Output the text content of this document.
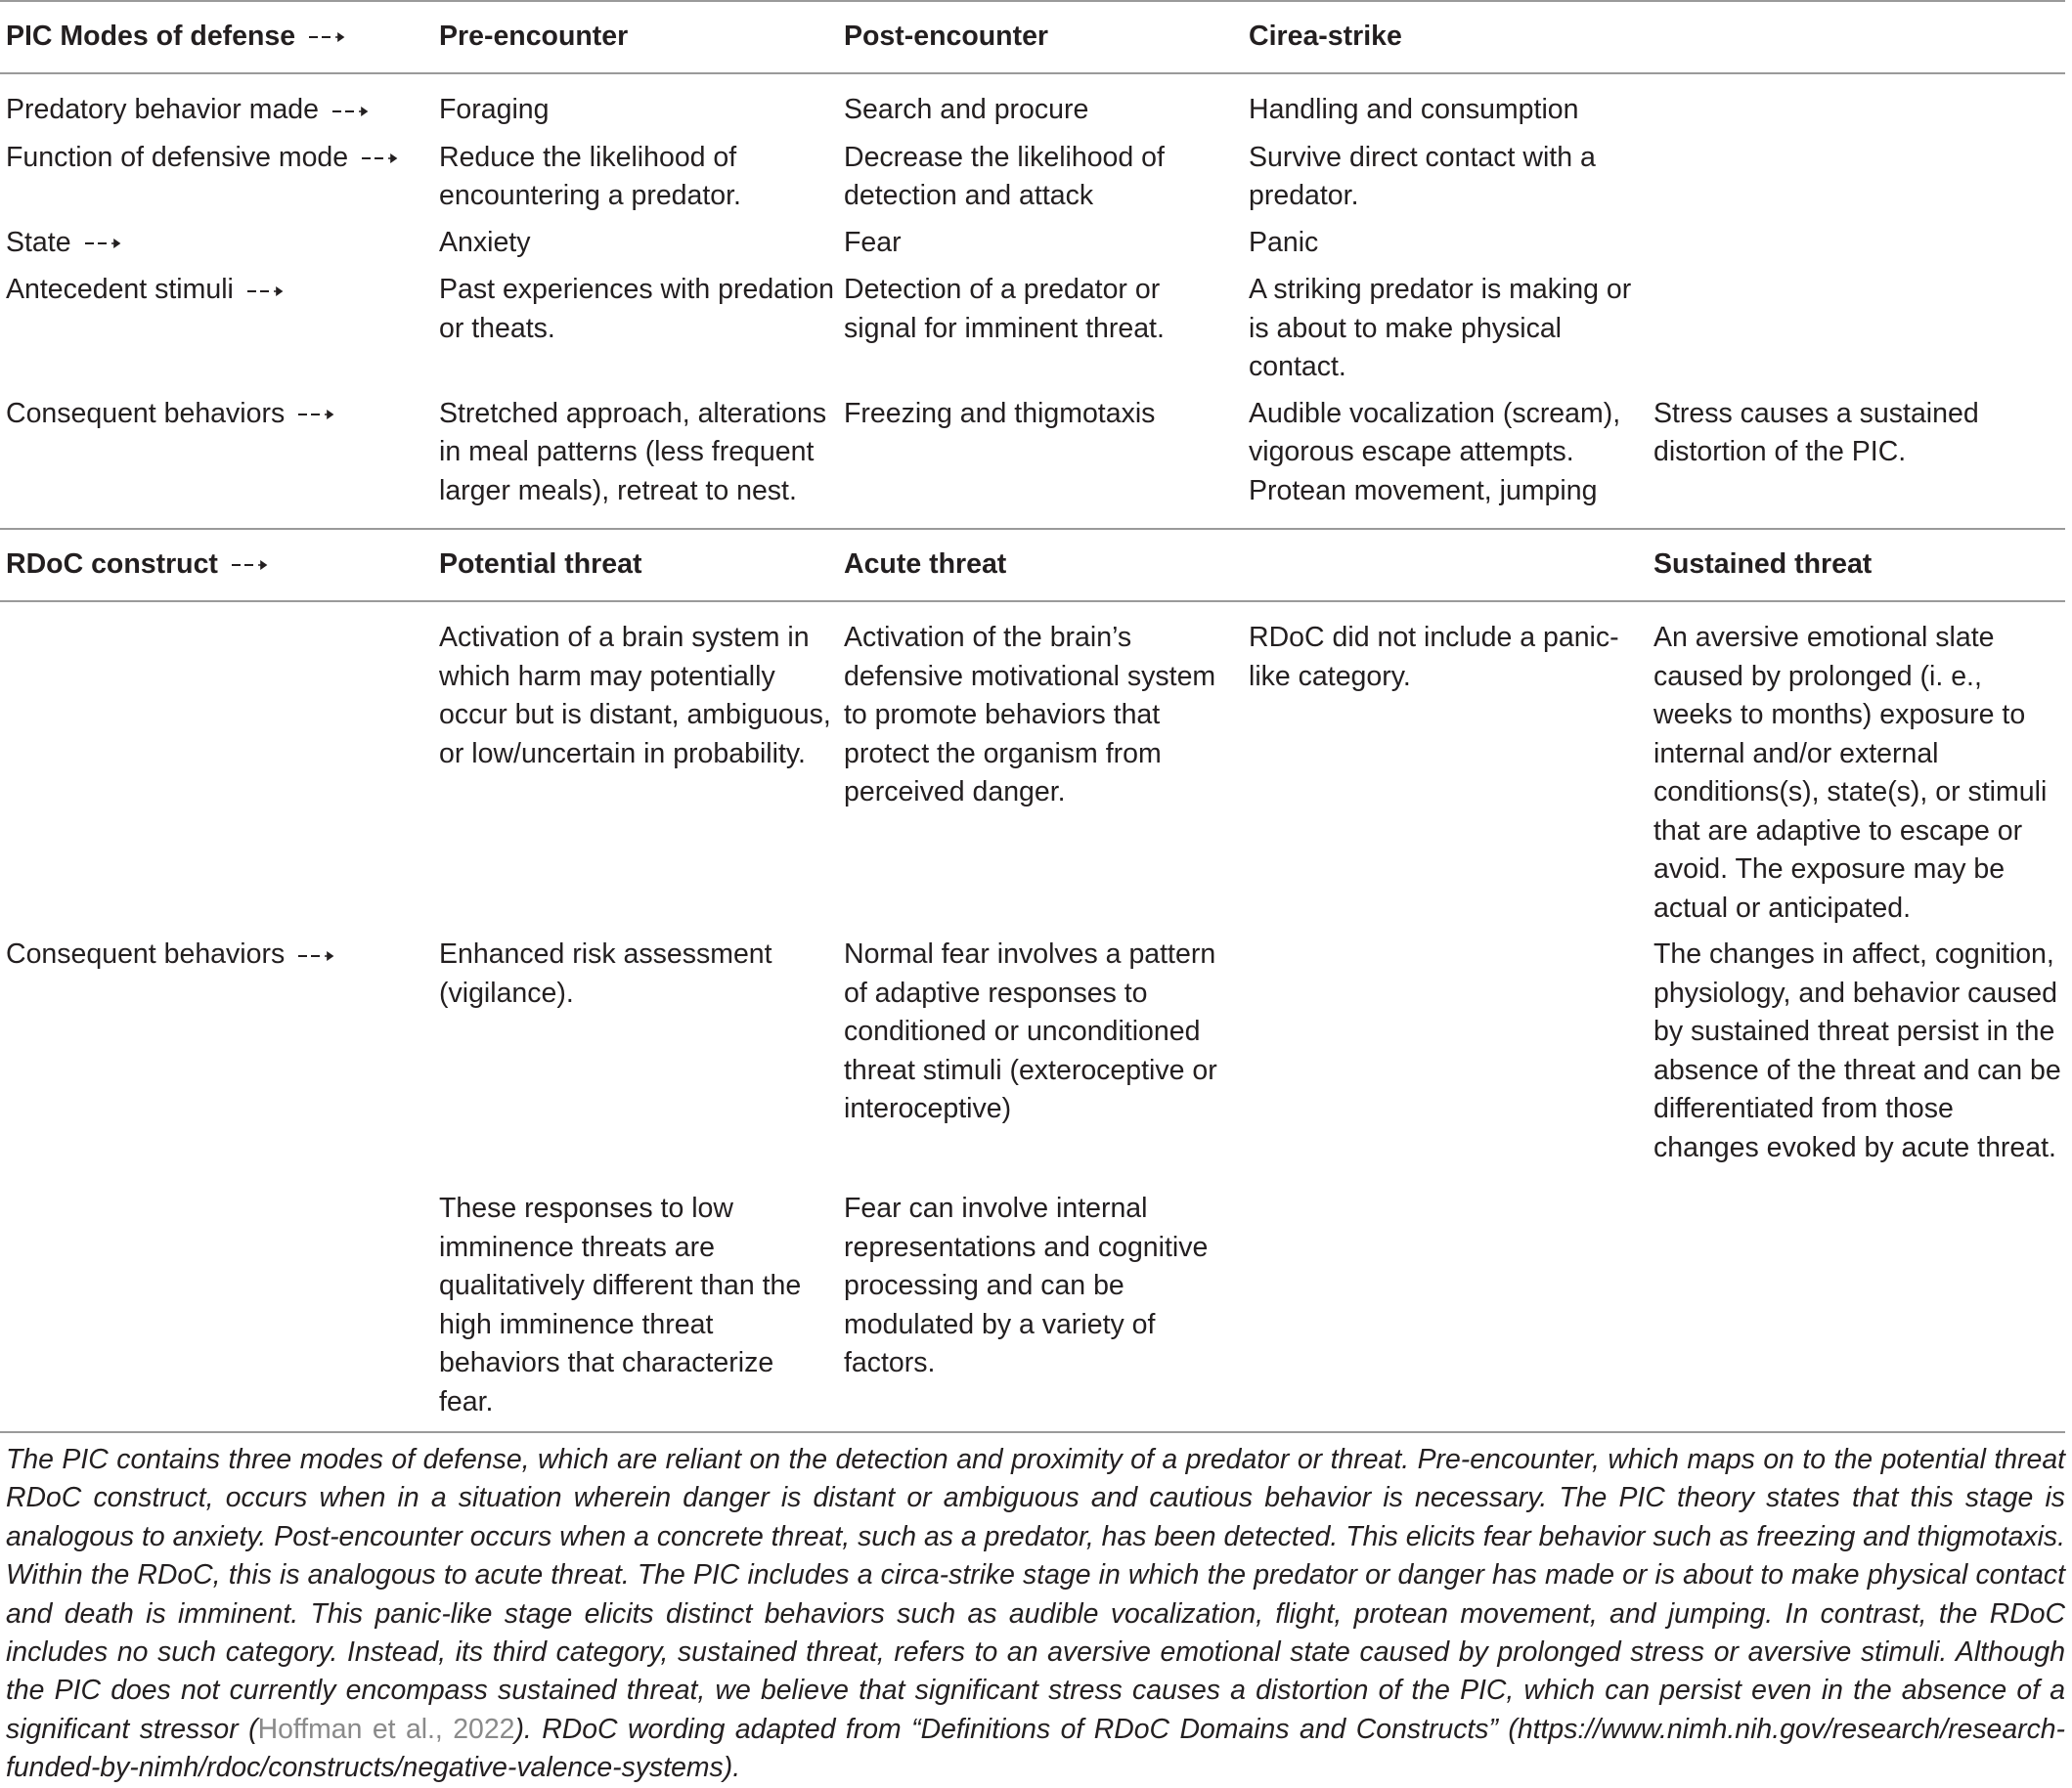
PIC Modes of defense	Pre-encounter	Post-encounter	Cirea-strike	
Predatory behavior made	Foraging	Search and procure	Handling and consumption	
Function of defensive mode	Reduce the likelihood of encountering a predator.	Decrease the likelihood of detection and attack	Survive direct contact with a predator.	
State	Anxiety	Fear	Panic	
Antecedent stimuli	Past experiences with predation or theats.	Detection of a predator or signal for imminent threat.	A striking predator is making or is about to make physical contact.	
Consequent behaviors	Stretched approach, alterations in meal patterns (less frequent larger meals), retreat to nest.	Freezing and thigmotaxis	Audible vocalization (scream), vigorous escape attempts. Protean movement, jumping	Stress causes a sustained distortion of the PIC.
RDoC construct	Potential threat	Acute threat		Sustained threat
	Activation of a brain system in which harm may potentially occur but is distant, ambiguous, or low/uncertain in probability.	Activation of the brain’s defensive motivational system to promote behaviors that protect the organism from perceived danger.	RDoC did not include a panic-like category.	An aversive emotional slate caused by prolonged (i. e., weeks to months) exposure to internal and/or external conditions(s), state(s), or stimuli that are adaptive to escape or avoid. The exposure may be actual or anticipated.
Consequent behaviors	Enhanced risk assessment (vigilance).	Normal fear involves a pattern of adaptive responses to conditioned or unconditioned threat stimuli (exteroceptive or interoceptive)		The changes in affect, cognition, physiology, and behavior caused by sustained threat persist in the absence of the threat and can be differentiated from those changes evoked by acute threat.
	These responses to low imminence threats are qualitatively different than the high imminence threat behaviors that characterize fear.	Fear can involve internal representations and cognitive processing and can be modulated by a variety of factors.		

The PIC contains three modes of defense, which are reliant on the detection and proximity of a predator or threat. Pre-encounter, which maps on to the potential threat RDoC construct, occurs when in a situation wherein danger is distant or ambiguous and cautious behavior is necessary. The PIC theory states that this stage is analogous to anxiety. Post-encounter occurs when a concrete threat, such as a predator, has been detected. This elicits fear behavior such as freezing and thigmotaxis. Within the RDoC, this is analogous to acute threat. The PIC includes a circa-strike stage in which the predator or danger has made or is about to make physical contact and death is imminent. This panic-like stage elicits distinct behaviors such as audible vocalization, flight, protean movement, and jumping. In contrast, the RDoC includes no such category. Instead, its third category, sustained threat, refers to an aversive emotional state caused by prolonged stress or aversive stimuli. Although the PIC does not currently encompass sustained threat, we believe that significant stress causes a distortion of the PIC, which can persist even in the absence of a significant stressor (Hoffman et al., 2022). RDoC wording adapted from “Definitions of RDoC Domains and Constructs” (https://www.nimh.nih.gov/research/research-funded-by-nimh/rdoc/constructs/negative-valence-systems).
